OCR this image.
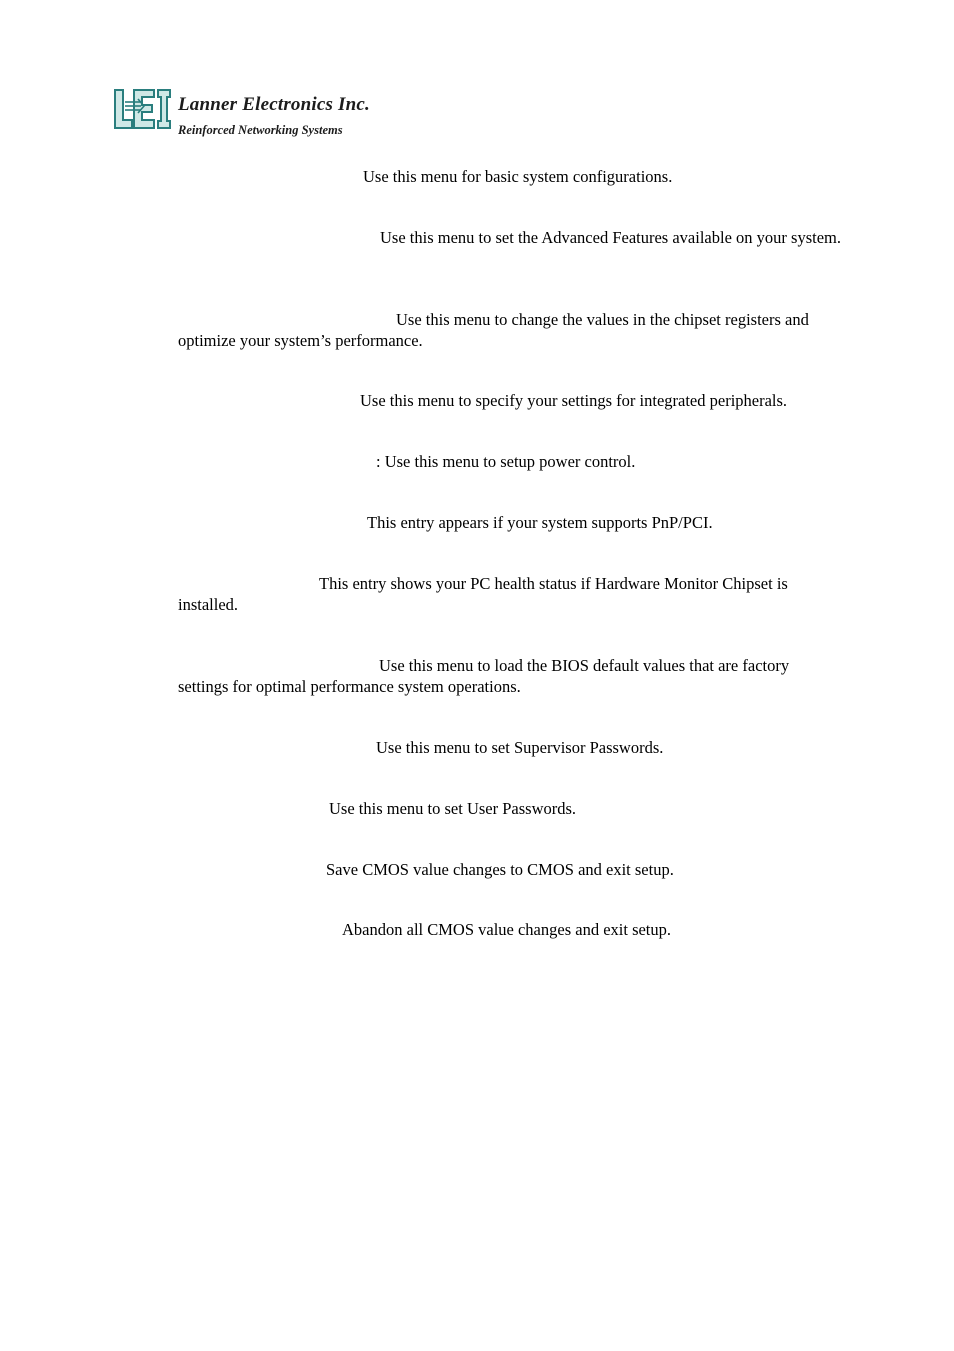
Lanner Electronics Inc.
Reinforced Networking Systems

Use this menu for basic system configurations.

Use this menu to set the Advanced Features available on your system.

Use this menu to change the values in the chipset registers and optimize your system’s performance.

Use this menu to specify your settings for integrated peripherals.

: Use this menu to setup power control.

This entry appears if your system supports PnP/PCI.

This entry shows your PC health status if Hardware Monitor Chipset is installed.

Use this menu to load the BIOS default values that are factory settings for optimal performance system operations.

Use this menu to set Supervisor Passwords.

Use this menu to set User Passwords.

Save CMOS value changes to CMOS and exit setup.

Abandon all CMOS value changes and exit setup.
